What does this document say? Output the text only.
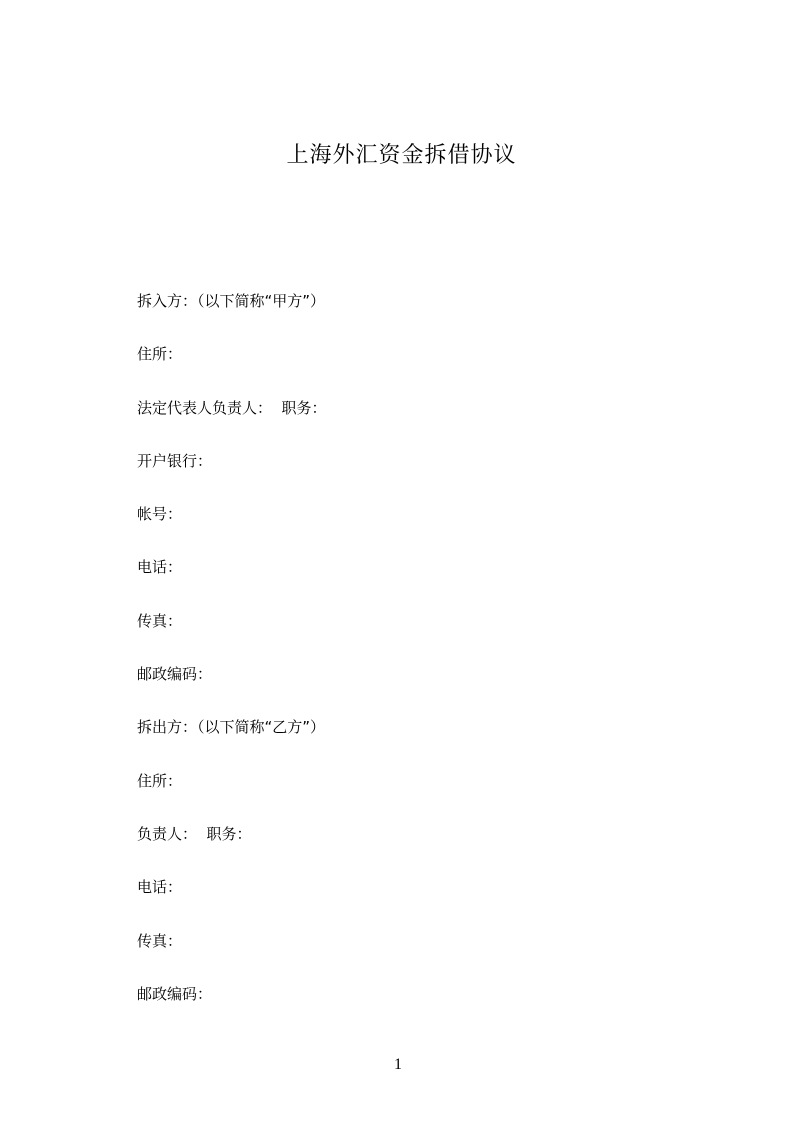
上海外汇资金拆借协议
拆入方：（以下简称“甲方”）
住所：
法定代表人负责人：  职务：
开户银行：
帐号：
电话：
传真：
邮政编码：
拆出方：（以下简称“乙方”）
住所：
负责人：  职务：
电话：
传真：
邮政编码：
1
